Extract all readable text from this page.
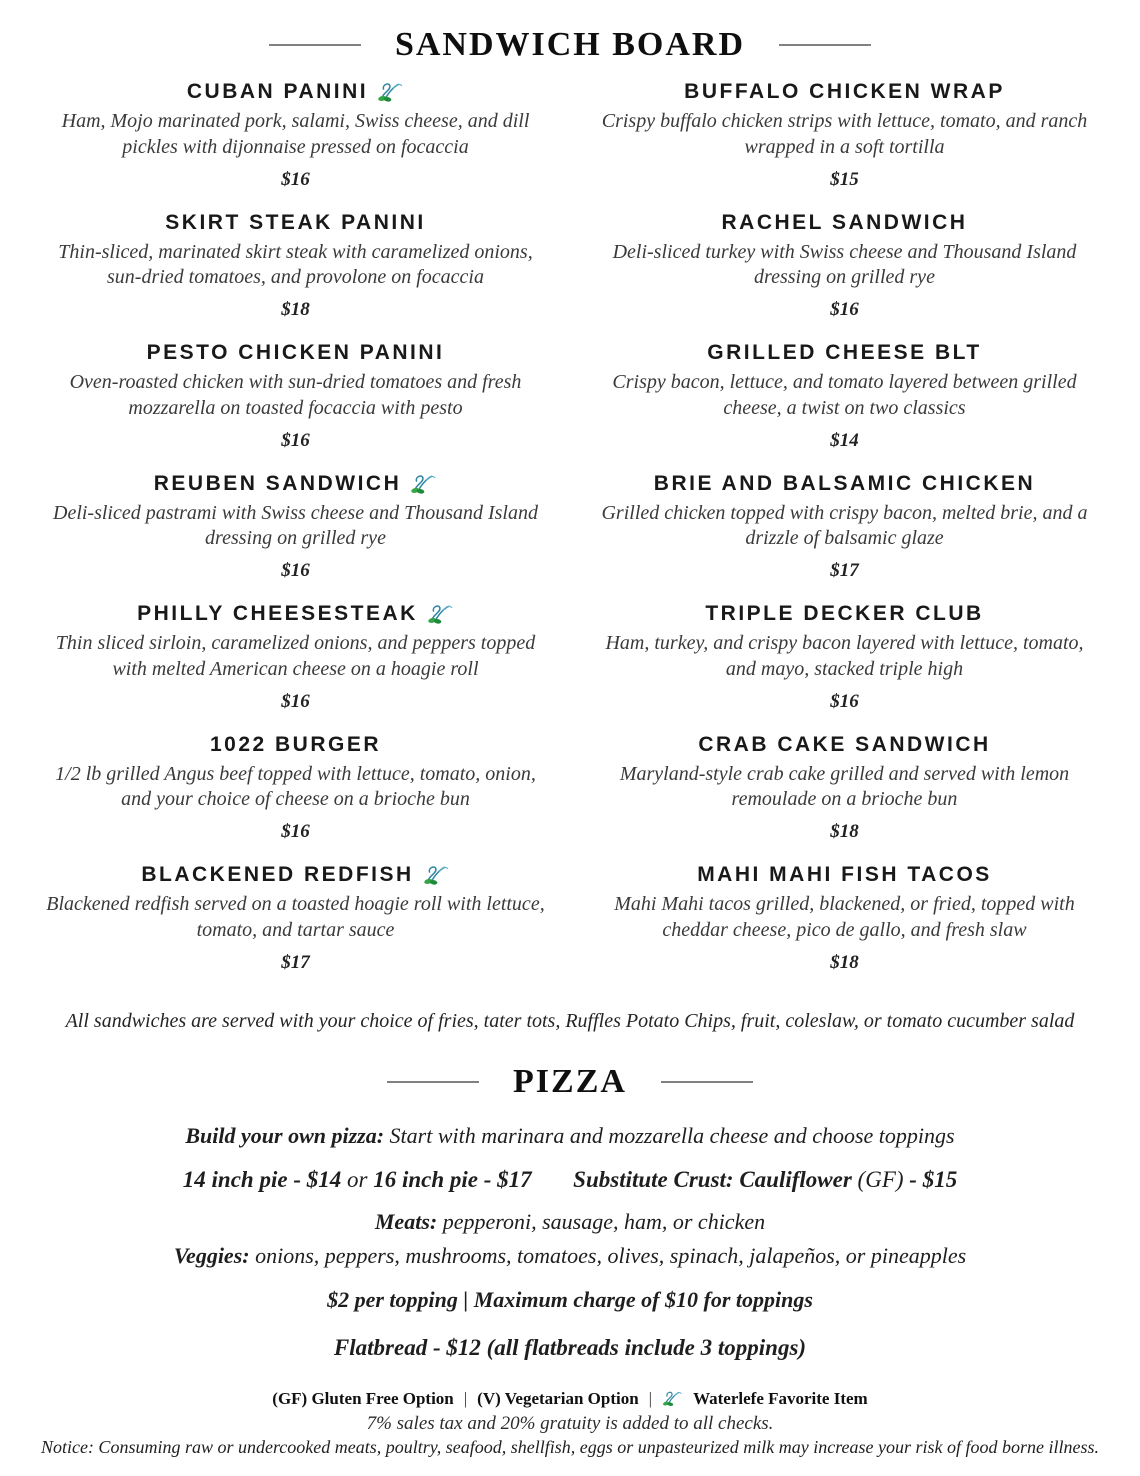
SANDWICH BOARD
CUBAN PANINI
Ham, Mojo marinated pork, salami, Swiss cheese, and dill pickles with dijonnaise pressed on focaccia
$16
BUFFALO CHICKEN WRAP
Crispy buffalo chicken strips with lettuce, tomato, and ranch wrapped in a soft tortilla
$15
SKIRT STEAK PANINI
Thin-sliced, marinated skirt steak with caramelized onions, sun-dried tomatoes, and provolone on focaccia
$18
RACHEL SANDWICH
Deli-sliced turkey with Swiss cheese and Thousand Island dressing on grilled rye
$16
PESTO CHICKEN PANINI
Oven-roasted chicken with sun-dried tomatoes and fresh mozzarella on toasted focaccia with pesto
$16
GRILLED CHEESE BLT
Crispy bacon, lettuce, and tomato layered between grilled cheese, a twist on two classics
$14
REUBEN SANDWICH
Deli-sliced pastrami with Swiss cheese and Thousand Island dressing on grilled rye
$16
BRIE AND BALSAMIC CHICKEN
Grilled chicken topped with crispy bacon, melted brie, and a drizzle of balsamic glaze
$17
PHILLY CHEESESTEAK
Thin sliced sirloin, caramelized onions, and peppers topped with melted American cheese on a hoagie roll
$16
TRIPLE DECKER CLUB
Ham, turkey, and crispy bacon layered with lettuce, tomato, and mayo, stacked triple high
$16
1022 BURGER
1/2 lb grilled Angus beef topped with lettuce, tomato, onion, and your choice of cheese on a brioche bun
$16
CRAB CAKE SANDWICH
Maryland-style crab cake grilled and served with lemon remoulade on a brioche bun
$18
BLACKENED REDFISH
Blackened redfish served on a toasted hoagie roll with lettuce, tomato, and tartar sauce
$17
MAHI MAHI FISH TACOS
Mahi Mahi tacos grilled, blackened, or fried, topped with cheddar cheese, pico de gallo, and fresh slaw
$18
All sandwiches are served with your choice of fries, tater tots, Ruffles Potato Chips, fruit, coleslaw, or tomato cucumber salad
PIZZA
Build your own pizza: Start with marinara and mozzarella cheese and choose toppings
14 inch pie - $14 or 16 inch pie - $17 Substitute Crust: Cauliflower (GF) - $15
Meats: pepperoni, sausage, ham, or chicken
Veggies: onions, peppers, mushrooms, tomatoes, olives, spinach, jalapeños, or pineapples
$2 per topping | Maximum charge of $10 for toppings
Flatbread - $12 (all flatbreads include 3 toppings)
(GF) Gluten Free Option | (V) Vegetarian Option | Waterlefe Favorite Item
7% sales tax and 20% gratuity is added to all checks.
Notice: Consuming raw or undercooked meats, poultry, seafood, shellfish, eggs or unpasteurized milk may increase your risk of food borne illness.
